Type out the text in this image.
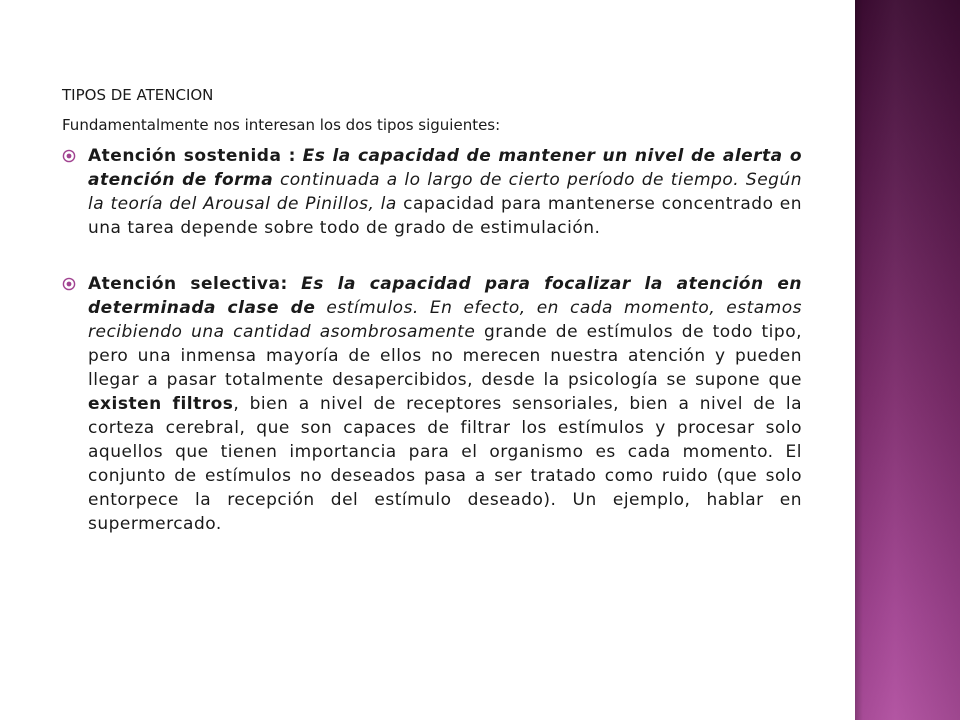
TIPOS DE ATENCION
Fundamentalmente nos interesan los dos tipos siguientes:
Atención sostenida : Es la capacidad de mantener un nivel de alerta o atención de forma continuada a lo largo de cierto período de tiempo. Según la teoría del Arousal de Pinillos, la capacidad para mantenerse concentrado en una tarea depende sobre todo de grado de estimulación.
Atención selectiva: Es la capacidad para focalizar la atención en determinada clase de estímulos. En efecto, en cada momento, estamos recibiendo una cantidad asombrosamente grande de estímulos de todo tipo, pero una inmensa mayoría de ellos no merecen nuestra atención y pueden llegar a pasar totalmente desapercibidos, desde la psicología se supone que existen filtros, bien a nivel de receptores sensoriales, bien a nivel de la corteza cerebral, que son capaces de filtrar los estímulos y procesar solo aquellos que tienen importancia para el organismo es cada momento. El conjunto de estímulos no deseados pasa a ser tratado como ruido (que solo entorpece la recepción del estímulo deseado). Un ejemplo, hablar en supermercado.
